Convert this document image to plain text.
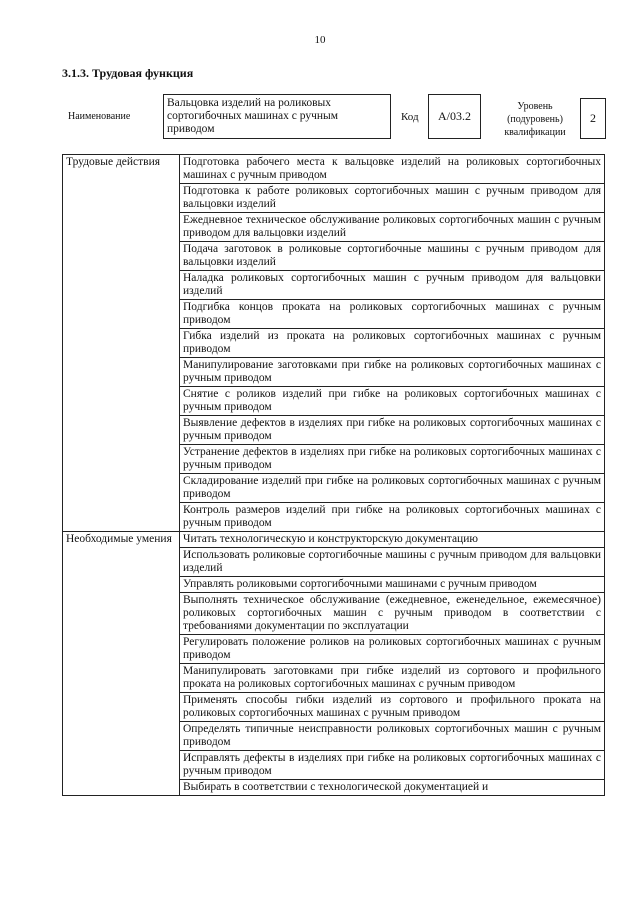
10
3.1.3. Трудовая функция
Наименование
Вальцовка изделий на роликовых сортогибочных машинах с ручным приводом
Код	A/03.2
Уровень
(подуровень)
квалификации
2
Трудовые действия	Подготовка рабочего места к вальцовке изделий на роликовых сортогибочных машинах с ручным приводом
	Подготовка к работе роликовых сортогибочных машин с ручным приводом для вальцовки изделий
	Ежедневное техническое обслуживание роликовых сортогибочных машин с ручным приводом для вальцовки изделий
	Подача заготовок в роликовые сортогибочные машины с ручным приводом для вальцовки изделий
	Наладка роликовых сортогибочных машин с ручным приводом для вальцовки изделий
	Подгибка концов проката на роликовых сортогибочных машинах с ручным приводом
	Гибка изделий из проката на роликовых сортогибочных машинах с ручным приводом
	Манипулирование заготовками при гибке на роликовых сортогибочных машинах с ручным приводом
	Снятие с роликов изделий при гибке на роликовых сортогибочных машинах с ручным приводом
	Выявление дефектов в изделиях при гибке на роликовых сортогибочных машинах с ручным приводом
	Устранение дефектов в изделиях при гибке на роликовых сортогибочных машинах с ручным приводом
	Складирование изделий при гибке на роликовых сортогибочных машинах с ручным приводом
	Контроль размеров изделий при гибке на роликовых сортогибочных машинах с ручным приводом
Необходимые умения	Читать технологическую и конструкторскую документацию
	Использовать роликовые сортогибочные машины с ручным приводом для вальцовки изделий
	Управлять роликовыми сортогибочными машинами с ручным приводом
	Выполнять техническое обслуживание (ежедневное, еженедельное, ежемесячное) роликовых сортогибочных машин с ручным приводом в соответствии с требованиями документации по эксплуатации
	Регулировать положение роликов на роликовых сортогибочных машинах с ручным приводом
	Манипулировать заготовками при гибке изделий из сортового и профильного проката на роликовых сортогибочных машинах с ручным приводом
	Применять способы гибки изделий из сортового и профильного проката на роликовых сортогибочных машинах с ручным приводом
	Определять типичные неисправности роликовых сортогибочных машин с ручным приводом
	Исправлять дефекты в изделиях при гибке на роликовых сортогибочных машинах с ручным приводом
	Выбирать в соответствии с технологической документацией и
